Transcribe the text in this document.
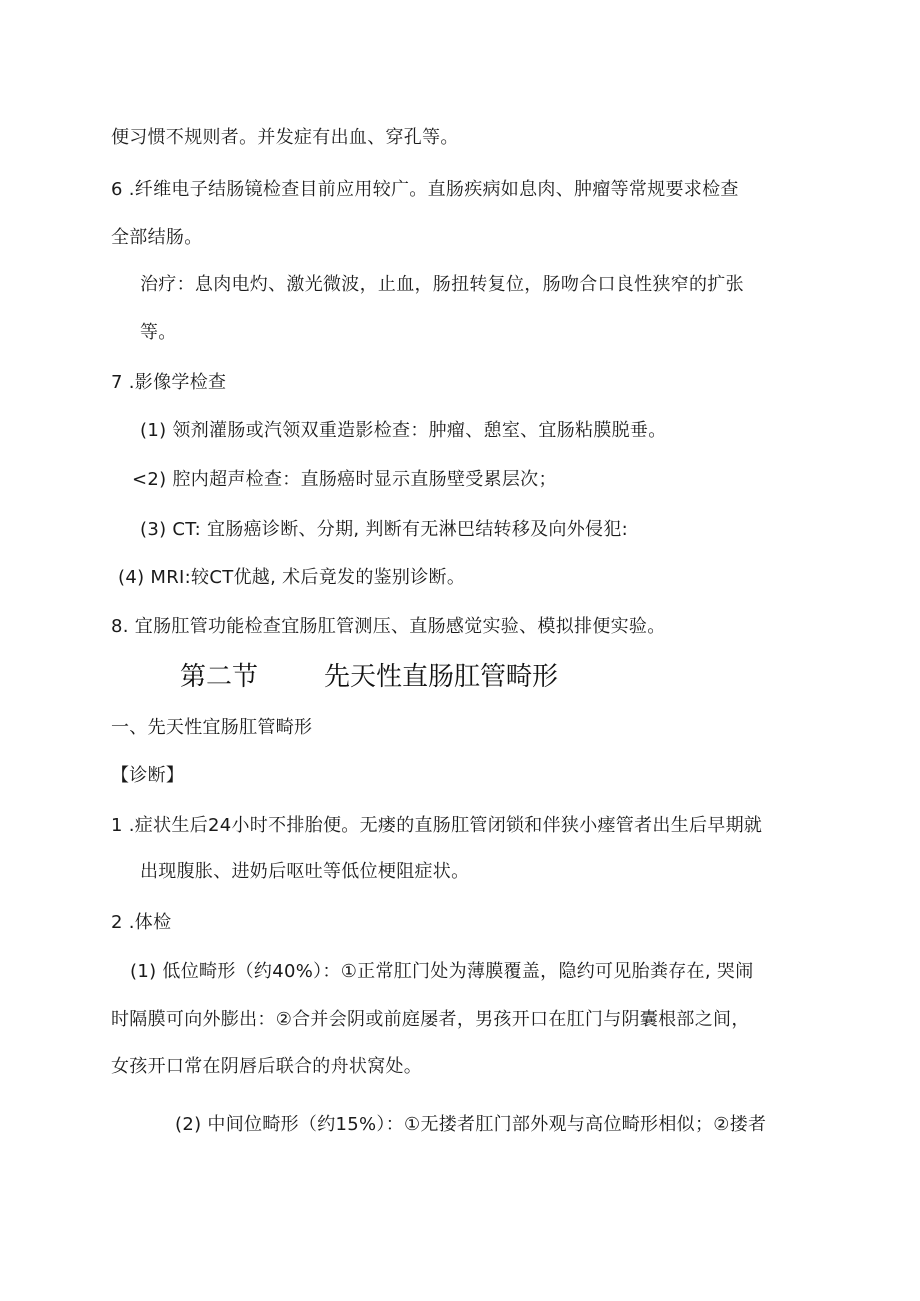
便习惯不规则者。并发症有出血、穿孔等。
6 .纤维电子结肠镜检查目前应用较广。直肠疾病如息肉、肿瘤等常规要求检查
全部结肠。
治疗：息肉电灼、激光微波，止血，肠扭转复位，肠吻合口良性狭窄的扩张
等。
7 .影像学检查
(1) 领剂灌肠或汽领双重造影检查：肿瘤、憩室、宜肠粘膜脱垂。
<2) 腔内超声检查：直肠癌时显示直肠壁受累层次；
(3) CT: 宜肠癌诊断、分期, 判断有无淋巴结转移及向外侵犯:
(4) MRI:较CT优越, 术后竟发的鉴别诊断。
8. 宜肠肛管功能检查宜肠肛管测压、直肠感觉实验、模拟排便实验。
第二节	先天性直肠肛管畸形
一、先天性宜肠肛管畸形
【诊断】
1 .症状生后24小时不排胎便。无瘘的直肠肛管闭锁和伴狭小瘗管者出生后早期就
出现腹胀、进奶后呕吐等低位梗阻症状。
2 .体检
(1) 低位畸形（约40%）：①正常肛门处为薄膜覆盖，隐约可见胎粪存在, 哭闹
时隔膜可向外膨出：②合并会阴或前庭屡者，男孩开口在肛门与阴囊根部之间，
女孩开口常在阴唇后联合的舟状窝处。
(2) 中间位畸形（约15%）：①无搂者肛门部外观与高位畸形相似；②搂者
